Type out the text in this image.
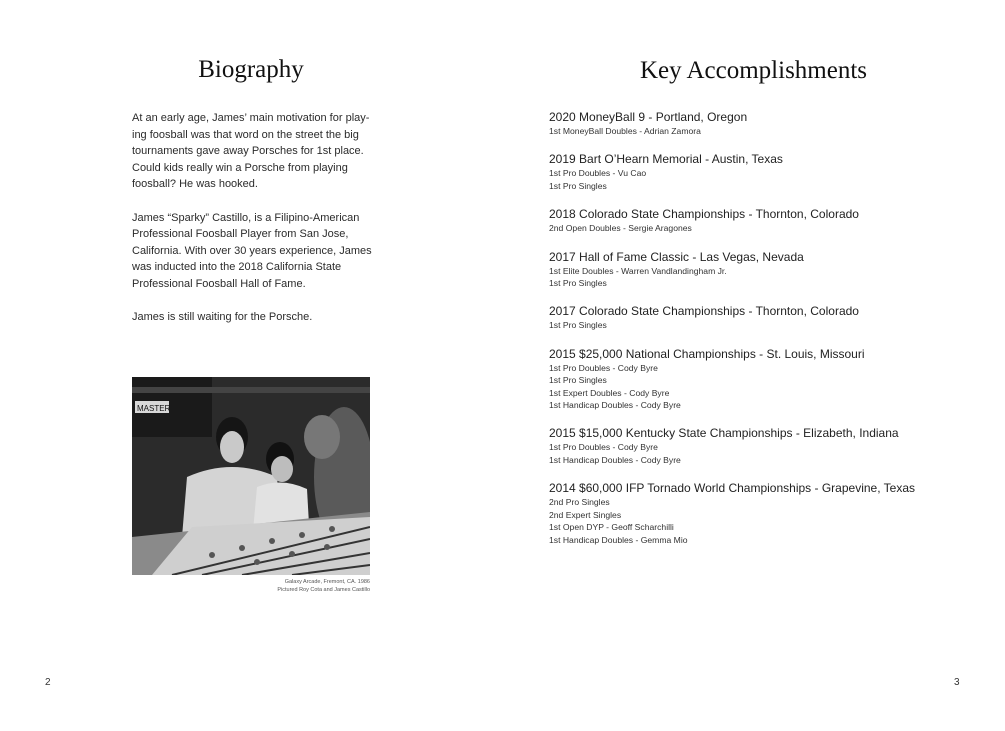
Biography

At an early age, James’ main motivation for play-ing foosball was that word on the street the big tournaments gave away Porsches for 1st place. Could kids really win a Porsche from playing foosball? He was hooked.

James “Sparky” Castillo, is a Filipino-American Professional Foosball Player from San Jose, California. With over 30 years experience, James was inducted into the 2018 California State Professional Foosball Hall of Fame.

James is still waiting for the Porsche.

MASTER
Galaxy Arcade, Fremont, CA. 1986
Pictured Roy Cota and James Castillo
2
Key Accomplishments
2020 MoneyBall 9 - Portland, Oregon
1st MoneyBall Doubles - Adrian Zamora
2019 Bart O’Hearn Memorial - Austin, Texas
1st Pro Doubles - Vu Cao
1st Pro Singles
2018 Colorado State Championships - Thornton, Colorado
2nd Open Doubles - Sergie Aragones
2017 Hall of Fame Classic - Las Vegas, Nevada
1st Elite Doubles - Warren Vandlandingham Jr.
1st Pro Singles
2017 Colorado State Championships - Thornton, Colorado
1st Pro Singles
2015 $25,000 National Championships - St. Louis, Missouri
1st Pro Doubles - Cody Byre
1st Pro Singles
1st Expert Doubles - Cody Byre
1st Handicap Doubles - Cody Byre
2015 $15,000 Kentucky State Championships - Elizabeth, Indiana
1st Pro Doubles - Cody Byre
1st Handicap Doubles - Cody Byre
2014 $60,000 IFP Tornado World Championships - Grapevine, Texas
2nd Pro Singles
2nd Expert Singles
1st Open DYP - Geoff Scharchilli
1st Handicap Doubles - Gemma Mio
3
